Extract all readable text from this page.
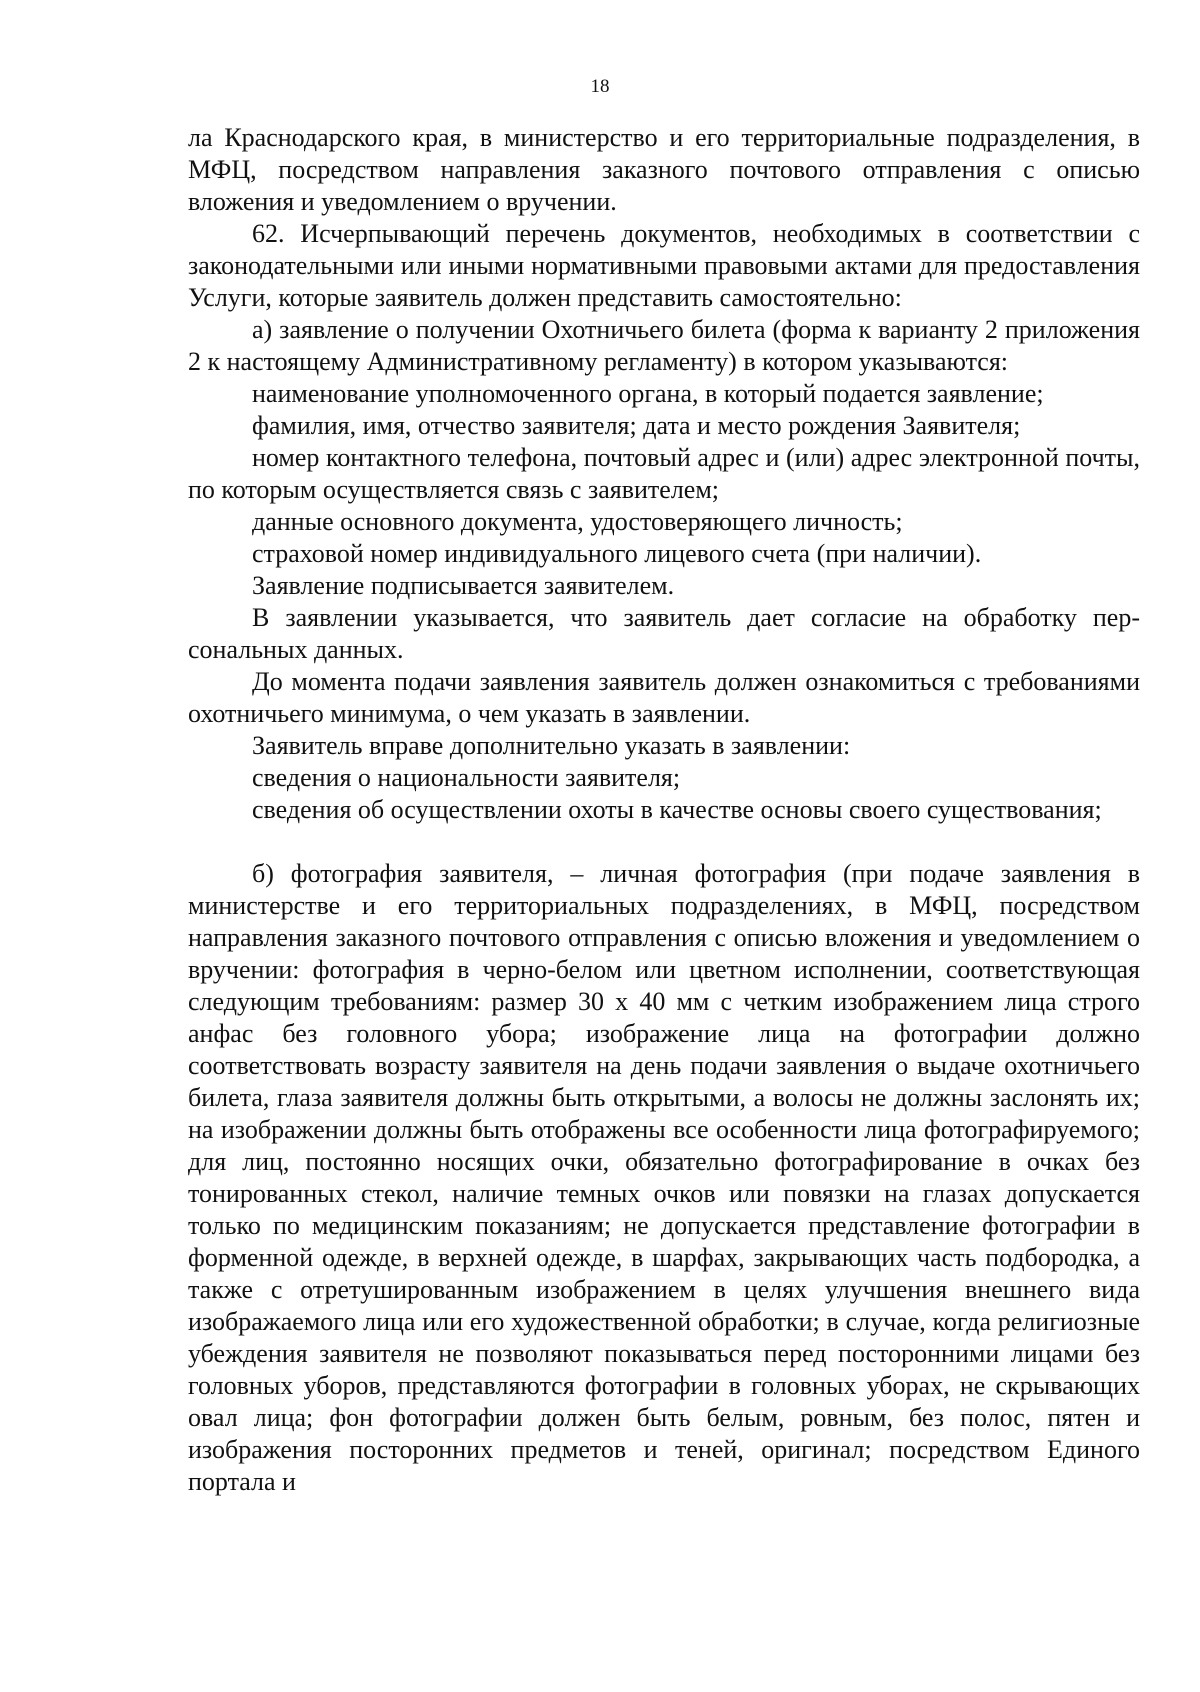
18

ла Краснодарского края, в министерство и его территориальные подразделения, в МФЦ, посредством направления заказного почтового отправления с описью вложения и уведомлением о вручении.

62. Исчерпывающий перечень документов, необходимых в соответствии с законодательными или иными нормативными правовыми актами для предоставления Услуги, которые заявитель должен представить самостоятельно:

а) заявление о получении Охотничьего билета (форма к варианту 2 приложения 2 к настоящему Административному регламенту) в котором указываются:

наименование уполномоченного органа, в который подается заявление;

фамилия, имя, отчество заявителя; дата и место рождения Заявителя;

номер контактного телефона, почтовый адрес и (или) адрес электронной почты, по которым осуществляется связь с заявителем;

данные основного документа, удостоверяющего личность;

страховой номер индивидуального лицевого счета (при наличии).

Заявление подписывается заявителем.

В заявлении указывается, что заявитель дает согласие на обработку персональных данных.

До момента подачи заявления заявитель должен ознакомиться с требованиями охотничьего минимума, о чем указать в заявлении.

Заявитель вправе дополнительно указать в заявлении:

сведения о национальности заявителя;

сведения об осуществлении охоты в качестве основы своего существования;

б) фотография заявителя, – личная фотография (при подаче заявления в министерстве и его территориальных подразделениях, в МФЦ, посредством направления заказного почтового отправления с описью вложения и уведомлением о вручении: фотография в черно-белом или цветном исполнении, соответствующая следующим требованиям: размер 30 х 40 мм с четким изображением лица строго анфас без головного убора; изображение лица на фотографии должно соответствовать возрасту заявителя на день подачи заявления о выдаче охотничьего билета, глаза заявителя должны быть открытыми, а волосы не должны заслонять их; на изображении должны быть отображены все особенности лица фотографируемого; для лиц, постоянно носящих очки, обязательно фотографирование в очках без тонированных стекол, наличие темных очков или повязки на глазах допускается только по медицинским показаниям; не допускается представление фотографии в форменной одежде, в верхней одежде, в шарфах, закрывающих часть подбородка, а также с отретушированным изображением в целях улучшения внешнего вида изображаемого лица или его художественной обработки; в случае, когда религиозные убеждения заявителя не позволяют показываться перед посторонними лицами без головных уборов, представляются фотографии в головных уборах, не скрывающих овал лица; фон фотографии должен быть белым, ровным, без полос, пятен и изображения посторонних предметов и теней, оригинал; посредством Единого портала и
